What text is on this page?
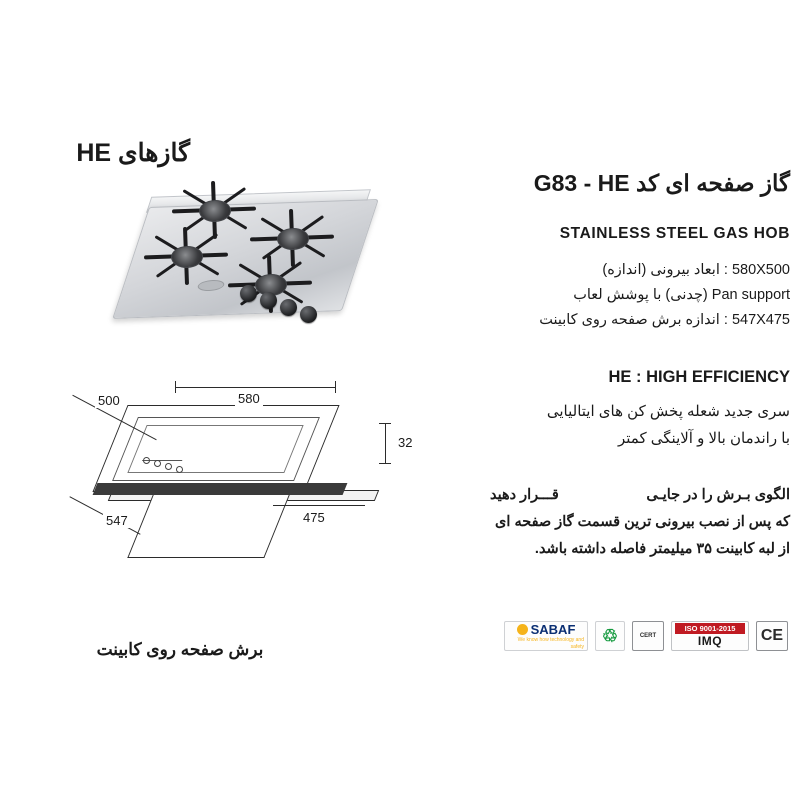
گازهای HE
500	580
32
547	475
برش صفحه روی کابینت
گاز صفحه ای کد G83 - HE
STAINLESS STEEL GAS HOB
580X500 : ابعاد بیرونی (اندازه)
Pan support (چدنی) با پوشش لعاب
547X475 : اندازه برش صفحه روی کابینت
HE : HIGH EFFICIENCY
سری جدید شعله پخش کن های ایتالیایی
با راندمان بالا و آلاینگی کمتر
الگوی بـرش را در جایـی
قـــرار دهید
که پس از نصب بیرونی ترین قسمت گاز صفحه ای
از لبه کابینت ۳۵ میلیمتر فاصله داشته باشد.
CE
ISO 9001-2015
IMQ
CERT
♲
SABAF
We know how technology and safety
